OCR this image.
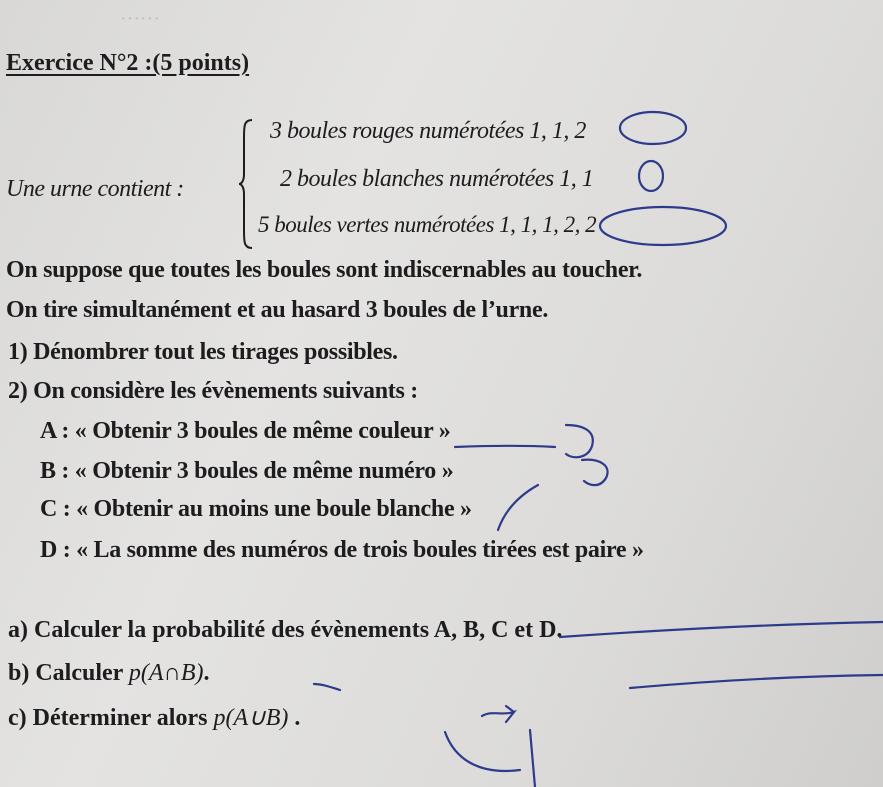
······
Exercice N°2 :(5 points)
Une urne contient :
3 boules rouges numérotées 1, 1, 2
2 boules blanches numérotées 1, 1
5 boules vertes numérotées 1, 1, 1, 2, 2
On suppose que toutes les boules sont indiscernables au toucher.
On tire simultanément et au hasard 3 boules de l’urne.
1) Dénombrer tout les tirages possibles.
2) On considère les évènements suivants :
A : « Obtenir 3 boules de même couleur »
B : « Obtenir 3 boules de même numéro »
C : « Obtenir au moins une boule blanche »
D : « La somme des numéros de trois boules tirées est paire »
a) Calculer la probabilité des évènements A, B, C et D.
b) Calculer p(A∩B).
c) Déterminer alors p(A∪B) .
